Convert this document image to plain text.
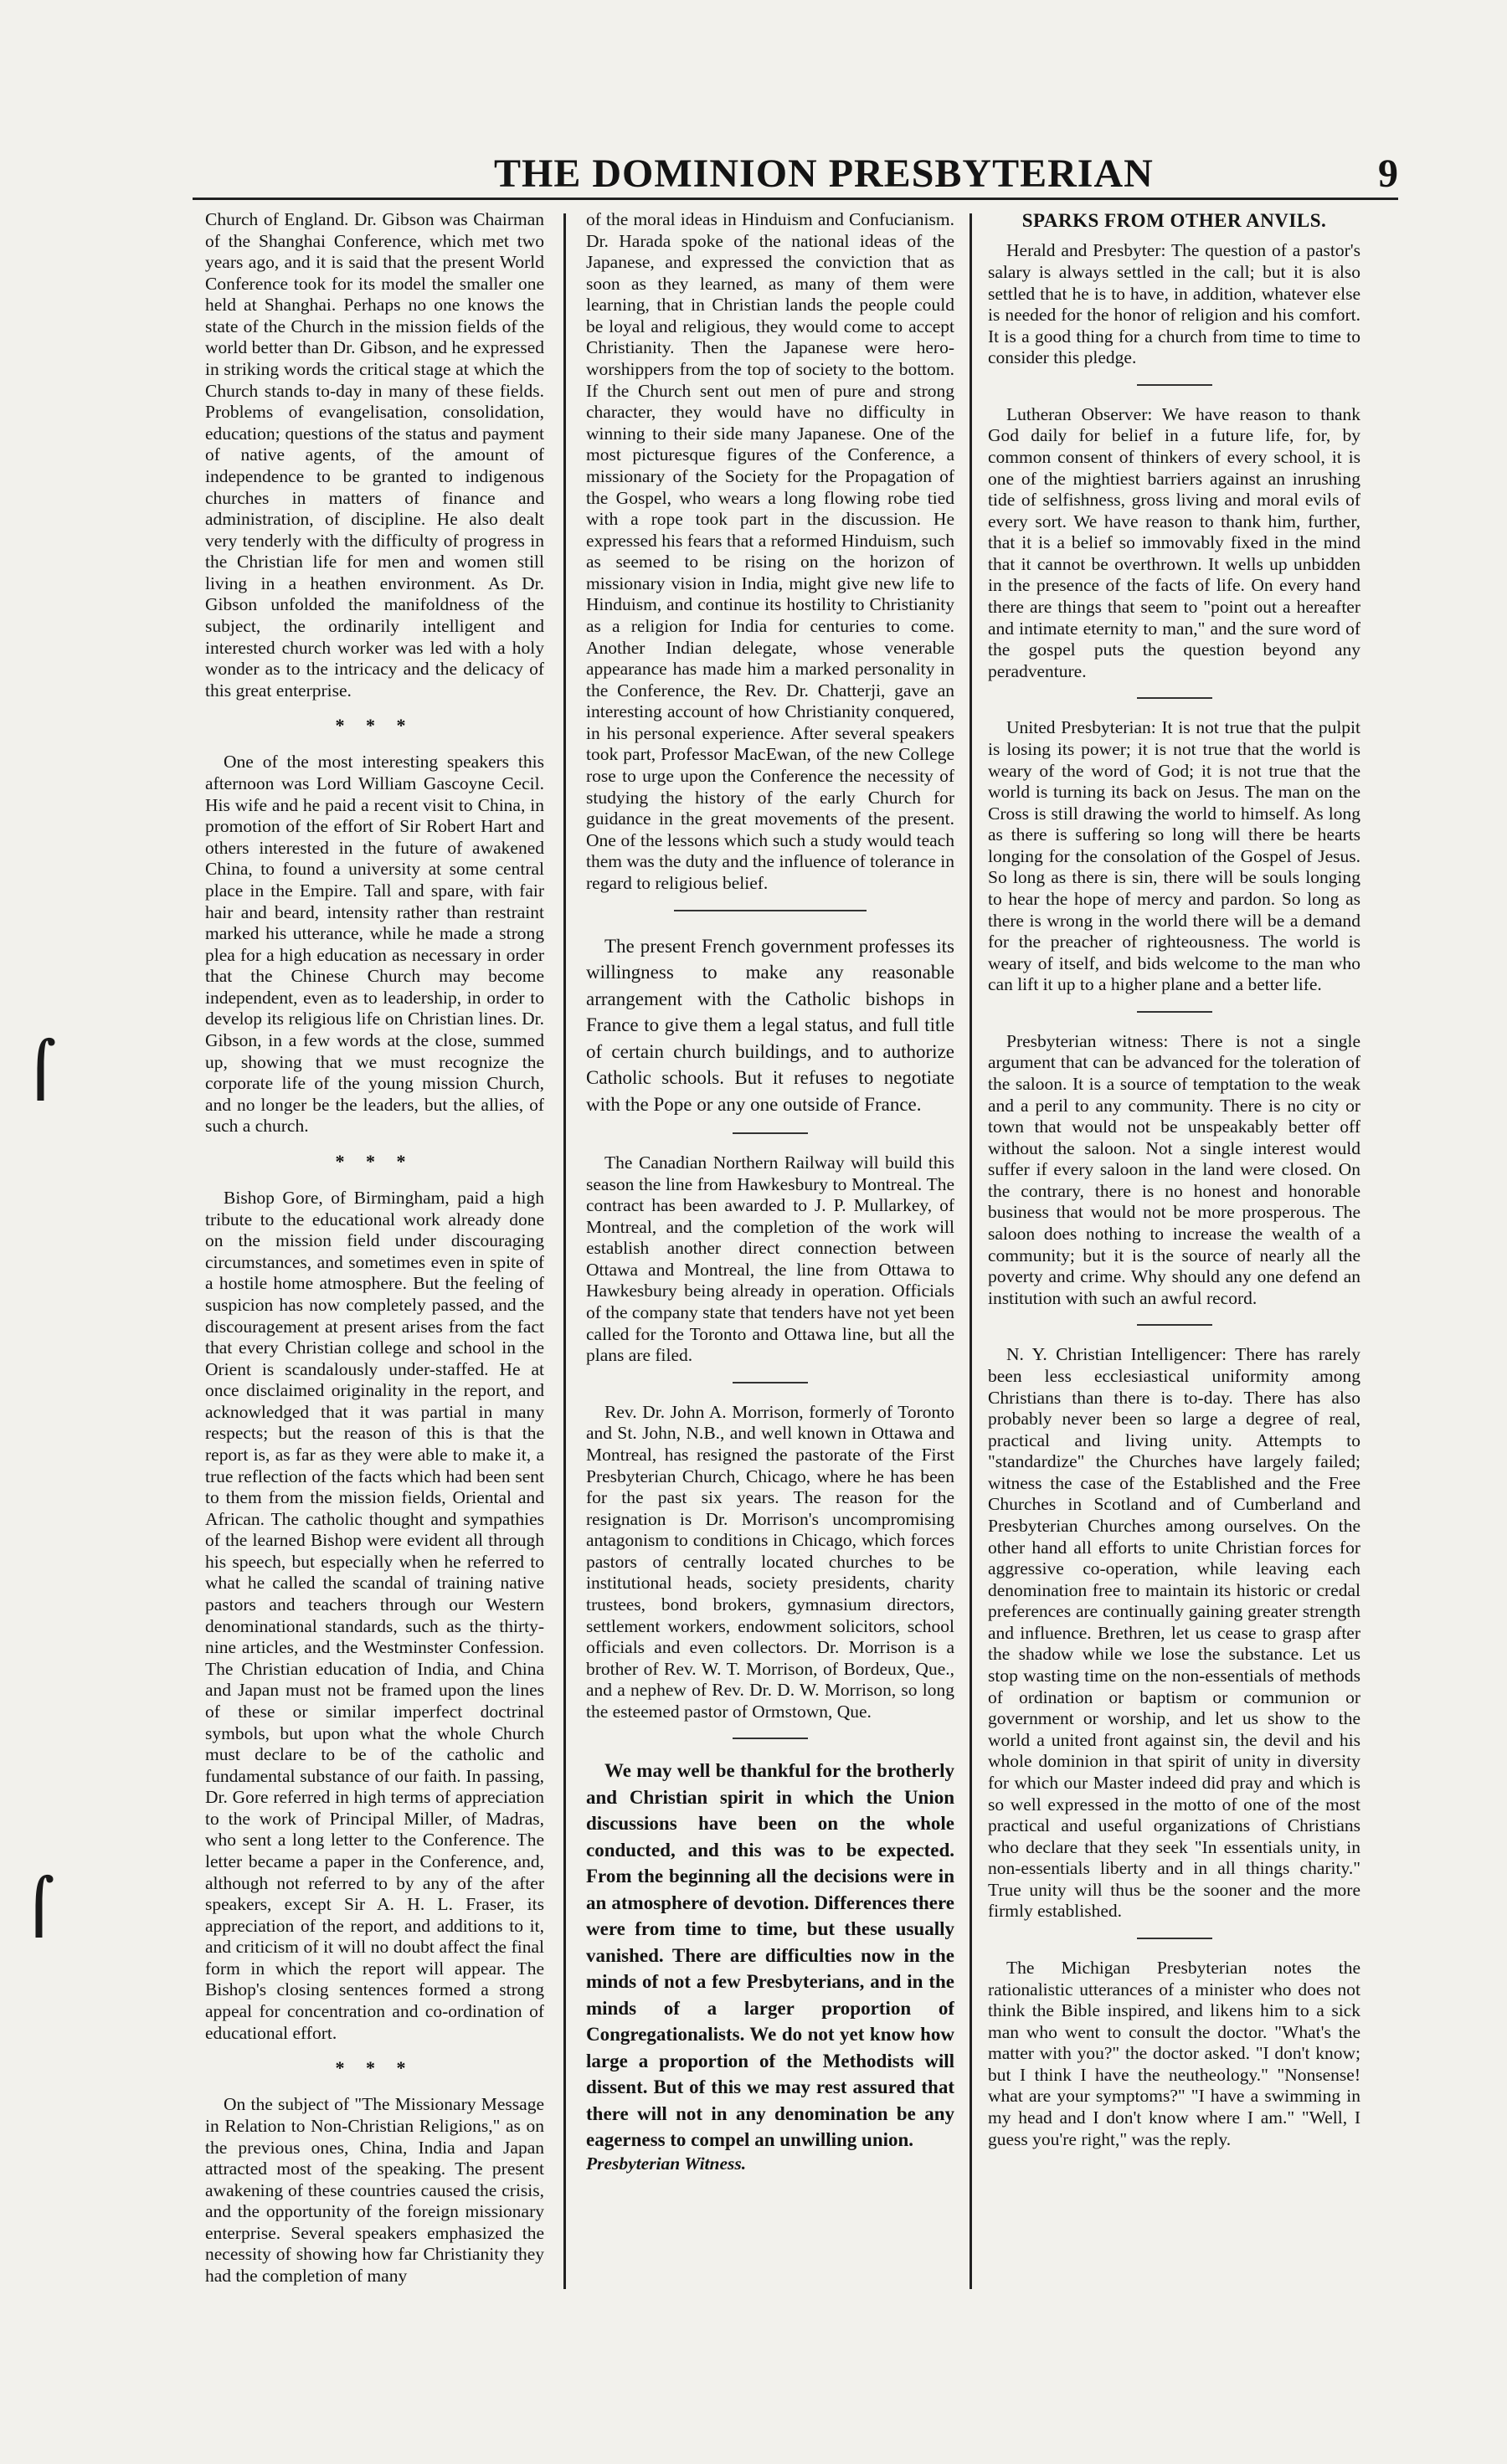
THE DOMINION PRESBYTERIAN	9
⌠
⌠

Church of England. Dr. Gibson was Chairman of the Shanghai Conference, which met two years ago, and it is said that the present World Conference took for its model the smaller one held at Shanghai. Perhaps no one knows the state of the Church in the mission fields of the world better than Dr. Gibson, and he expressed in striking words the critical stage at which the Church stands to-day in many of these fields. Problems of evangelisation, consolidation, education; questions of the status and payment of native agents, of the amount of independence to be granted to indigenous churches in matters of finance and administration, of discipline. He also dealt very tenderly with the difficulty of progress in the Christian life for men and women still living in a heathen environment. As Dr. Gibson unfolded the manifoldness of the subject, the ordinarily intelligent and interested church worker was led with a holy wonder as to the intricacy and the delicacy of this great enterprise.

* * *

One of the most interesting speakers this afternoon was Lord William Gascoyne Cecil. His wife and he paid a recent visit to China, in promotion of the effort of Sir Robert Hart and others interested in the future of awakened China, to found a university at some central place in the Empire. Tall and spare, with fair hair and beard, intensity rather than restraint marked his utterance, while he made a strong plea for a high education as necessary in order that the Chinese Church may become independent, even as to leadership, in order to develop its religious life on Christian lines. Dr. Gibson, in a few words at the close, summed up, showing that we must recognize the corporate life of the young mission Church, and no longer be the leaders, but the allies, of such a church.

* * *

Bishop Gore, of Birmingham, paid a high tribute to the educational work already done on the mission field under discouraging circumstances, and sometimes even in spite of a hostile home atmosphere. But the feeling of suspicion has now completely passed, and the discouragement at present arises from the fact that every Christian college and school in the Orient is scandalously under-staffed. He at once disclaimed originality in the report, and acknowledged that it was partial in many respects; but the reason of this is that the report is, as far as they were able to make it, a true reflection of the facts which had been sent to them from the mission fields, Oriental and African. The catholic thought and sympathies of the learned Bishop were evident all through his speech, but especially when he referred to what he called the scandal of training native pastors and teachers through our Western denominational standards, such as the thirty-nine articles, and the Westminster Confession. The Christian education of India, and China and Japan must not be framed upon the lines of these or similar imperfect doctrinal symbols, but upon what the whole Church must declare to be of the catholic and fundamental substance of our faith. In passing, Dr. Gore referred in high terms of appreciation to the work of Principal Miller, of Madras, who sent a long letter to the Conference. The letter became a paper in the Conference, and, although not referred to by any of the after speakers, except Sir A. H. L. Fraser, its appreciation of the report, and additions to it, and criticism of it will no doubt affect the final form in which the report will appear. The Bishop's closing sentences formed a strong appeal for concentration and co-ordination of educational effort.

* * *

On the subject of "The Missionary Message in Relation to Non-Christian Religions," as on the previous ones, China, India and Japan attracted most of the speaking. The present awakening of these countries caused the crisis, and the opportunity of the foreign missionary enterprise. Several speakers emphasized the necessity of showing how far Christianity they had the completion of many

of the moral ideas in Hinduism and Confucianism. Dr. Harada spoke of the national ideas of the Japanese, and expressed the conviction that as soon as they learned, as many of them were learning, that in Christian lands the people could be loyal and religious, they would come to accept Christianity. Then the Japanese were hero-worshippers from the top of society to the bottom. If the Church sent out men of pure and strong character, they would have no difficulty in winning to their side many Japanese. One of the most picturesque figures of the Conference, a missionary of the Society for the Propagation of the Gospel, who wears a long flowing robe tied with a rope took part in the discussion. He expressed his fears that a reformed Hinduism, such as seemed to be rising on the horizon of missionary vision in India, might give new life to Hinduism, and continue its hostility to Christianity as a religion for India for centuries to come. Another Indian delegate, whose venerable appearance has made him a marked personality in the Conference, the Rev. Dr. Chatterji, gave an interesting account of how Christianity conquered, in his personal experience. After several speakers took part, Professor MacEwan, of the new College rose to urge upon the Conference the necessity of studying the history of the early Church for guidance in the great movements of the present. One of the lessons which such a study would teach them was the duty and the influence of tolerance in regard to religious belief.

The present French government professes its willingness to make any reasonable arrangement with the Catholic bishops in France to give them a legal status, and full title of certain church buildings, and to authorize Catholic schools. But it refuses to negotiate with the Pope or any one outside of France.

The Canadian Northern Railway will build this season the line from Hawkesbury to Montreal. The contract has been awarded to J. P. Mullarkey, of Montreal, and the completion of the work will establish another direct connection between Ottawa and Montreal, the line from Ottawa to Hawkesbury being already in operation. Officials of the company state that tenders have not yet been called for the Toronto and Ottawa line, but all the plans are filed.

Rev. Dr. John A. Morrison, formerly of Toronto and St. John, N.B., and well known in Ottawa and Montreal, has resigned the pastorate of the First Presbyterian Church, Chicago, where he has been for the past six years. The reason for the resignation is Dr. Morrison's uncompromising antagonism to conditions in Chicago, which forces pastors of centrally located churches to be institutional heads, society presidents, charity trustees, bond brokers, gymnasium directors, settlement workers, endowment solicitors, school officials and even collectors. Dr. Morrison is a brother of Rev. W. T. Morrison, of Bordeux, Que., and a nephew of Rev. Dr. D. W. Morrison, so long the esteemed pastor of Ormstown, Que.

We may well be thankful for the brotherly and Christian spirit in which the Union discussions have been on the whole conducted, and this was to be expected. From the beginning all the decisions were in an atmosphere of devotion. Differences there were from time to time, but these usually vanished. There are difficulties now in the minds of not a few Presbyterians, and in the minds of a larger proportion of Congregationalists. We do not yet know how large a proportion of the Methodists will dissent. But of this we may rest assured that there will not in any denomination be any eagerness to compel an unwilling union.

Presbyterian Witness.

SPARKS FROM OTHER ANVILS.

Herald and Presbyter: The question of a pastor's salary is always settled in the call; but it is also settled that he is to have, in addition, whatever else is needed for the honor of religion and his comfort. It is a good thing for a church from time to time to consider this pledge.

Lutheran Observer: We have reason to thank God daily for belief in a future life, for, by common consent of thinkers of every school, it is one of the mightiest barriers against an inrushing tide of selfishness, gross living and moral evils of every sort. We have reason to thank him, further, that it is a belief so immovably fixed in the mind that it cannot be overthrown. It wells up unbidden in the presence of the facts of life. On every hand there are things that seem to "point out a hereafter and intimate eternity to man," and the sure word of the gospel puts the question beyond any peradventure.

United Presbyterian: It is not true that the pulpit is losing its power; it is not true that the world is weary of the word of God; it is not true that the world is turning its back on Jesus. The man on the Cross is still drawing the world to himself. As long as there is suffering so long will there be hearts longing for the consolation of the Gospel of Jesus. So long as there is sin, there will be souls longing to hear the hope of mercy and pardon. So long as there is wrong in the world there will be a demand for the preacher of righteousness. The world is weary of itself, and bids welcome to the man who can lift it up to a higher plane and a better life.

Presbyterian witness: There is not a single argument that can be advanced for the toleration of the saloon. It is a source of temptation to the weak and a peril to any community. There is no city or town that would not be unspeakably better off without the saloon. Not a single interest would suffer if every saloon in the land were closed. On the contrary, there is no honest and honorable business that would not be more prosperous. The saloon does nothing to increase the wealth of a community; but it is the source of nearly all the poverty and crime. Why should any one defend an institution with such an awful record.

N. Y. Christian Intelligencer: There has rarely been less ecclesiastical uniformity among Christians than there is to-day. There has also probably never been so large a degree of real, practical and living unity. Attempts to "standardize" the Churches have largely failed; witness the case of the Established and the Free Churches in Scotland and of Cumberland and Presbyterian Churches among ourselves. On the other hand all efforts to unite Christian forces for aggressive co-operation, while leaving each denomination free to maintain its historic or credal preferences are continually gaining greater strength and influence. Brethren, let us cease to grasp after the shadow while we lose the substance. Let us stop wasting time on the non-essentials of methods of ordination or baptism or communion or government or worship, and let us show to the world a united front against sin, the devil and his whole dominion in that spirit of unity in diversity for which our Master indeed did pray and which is so well expressed in the motto of one of the most practical and useful organizations of Christians who declare that they seek "In essentials unity, in non-essentials liberty and in all things charity." True unity will thus be the sooner and the more firmly established.

The Michigan Presbyterian notes the rationalistic utterances of a minister who does not think the Bible inspired, and likens him to a sick man who went to consult the doctor. "What's the matter with you?" the doctor asked. "I don't know; but I think I have the neutheology." "Nonsense! what are your symptoms?" "I have a swimming in my head and I don't know where I am." "Well, I guess you're right," was the reply.
